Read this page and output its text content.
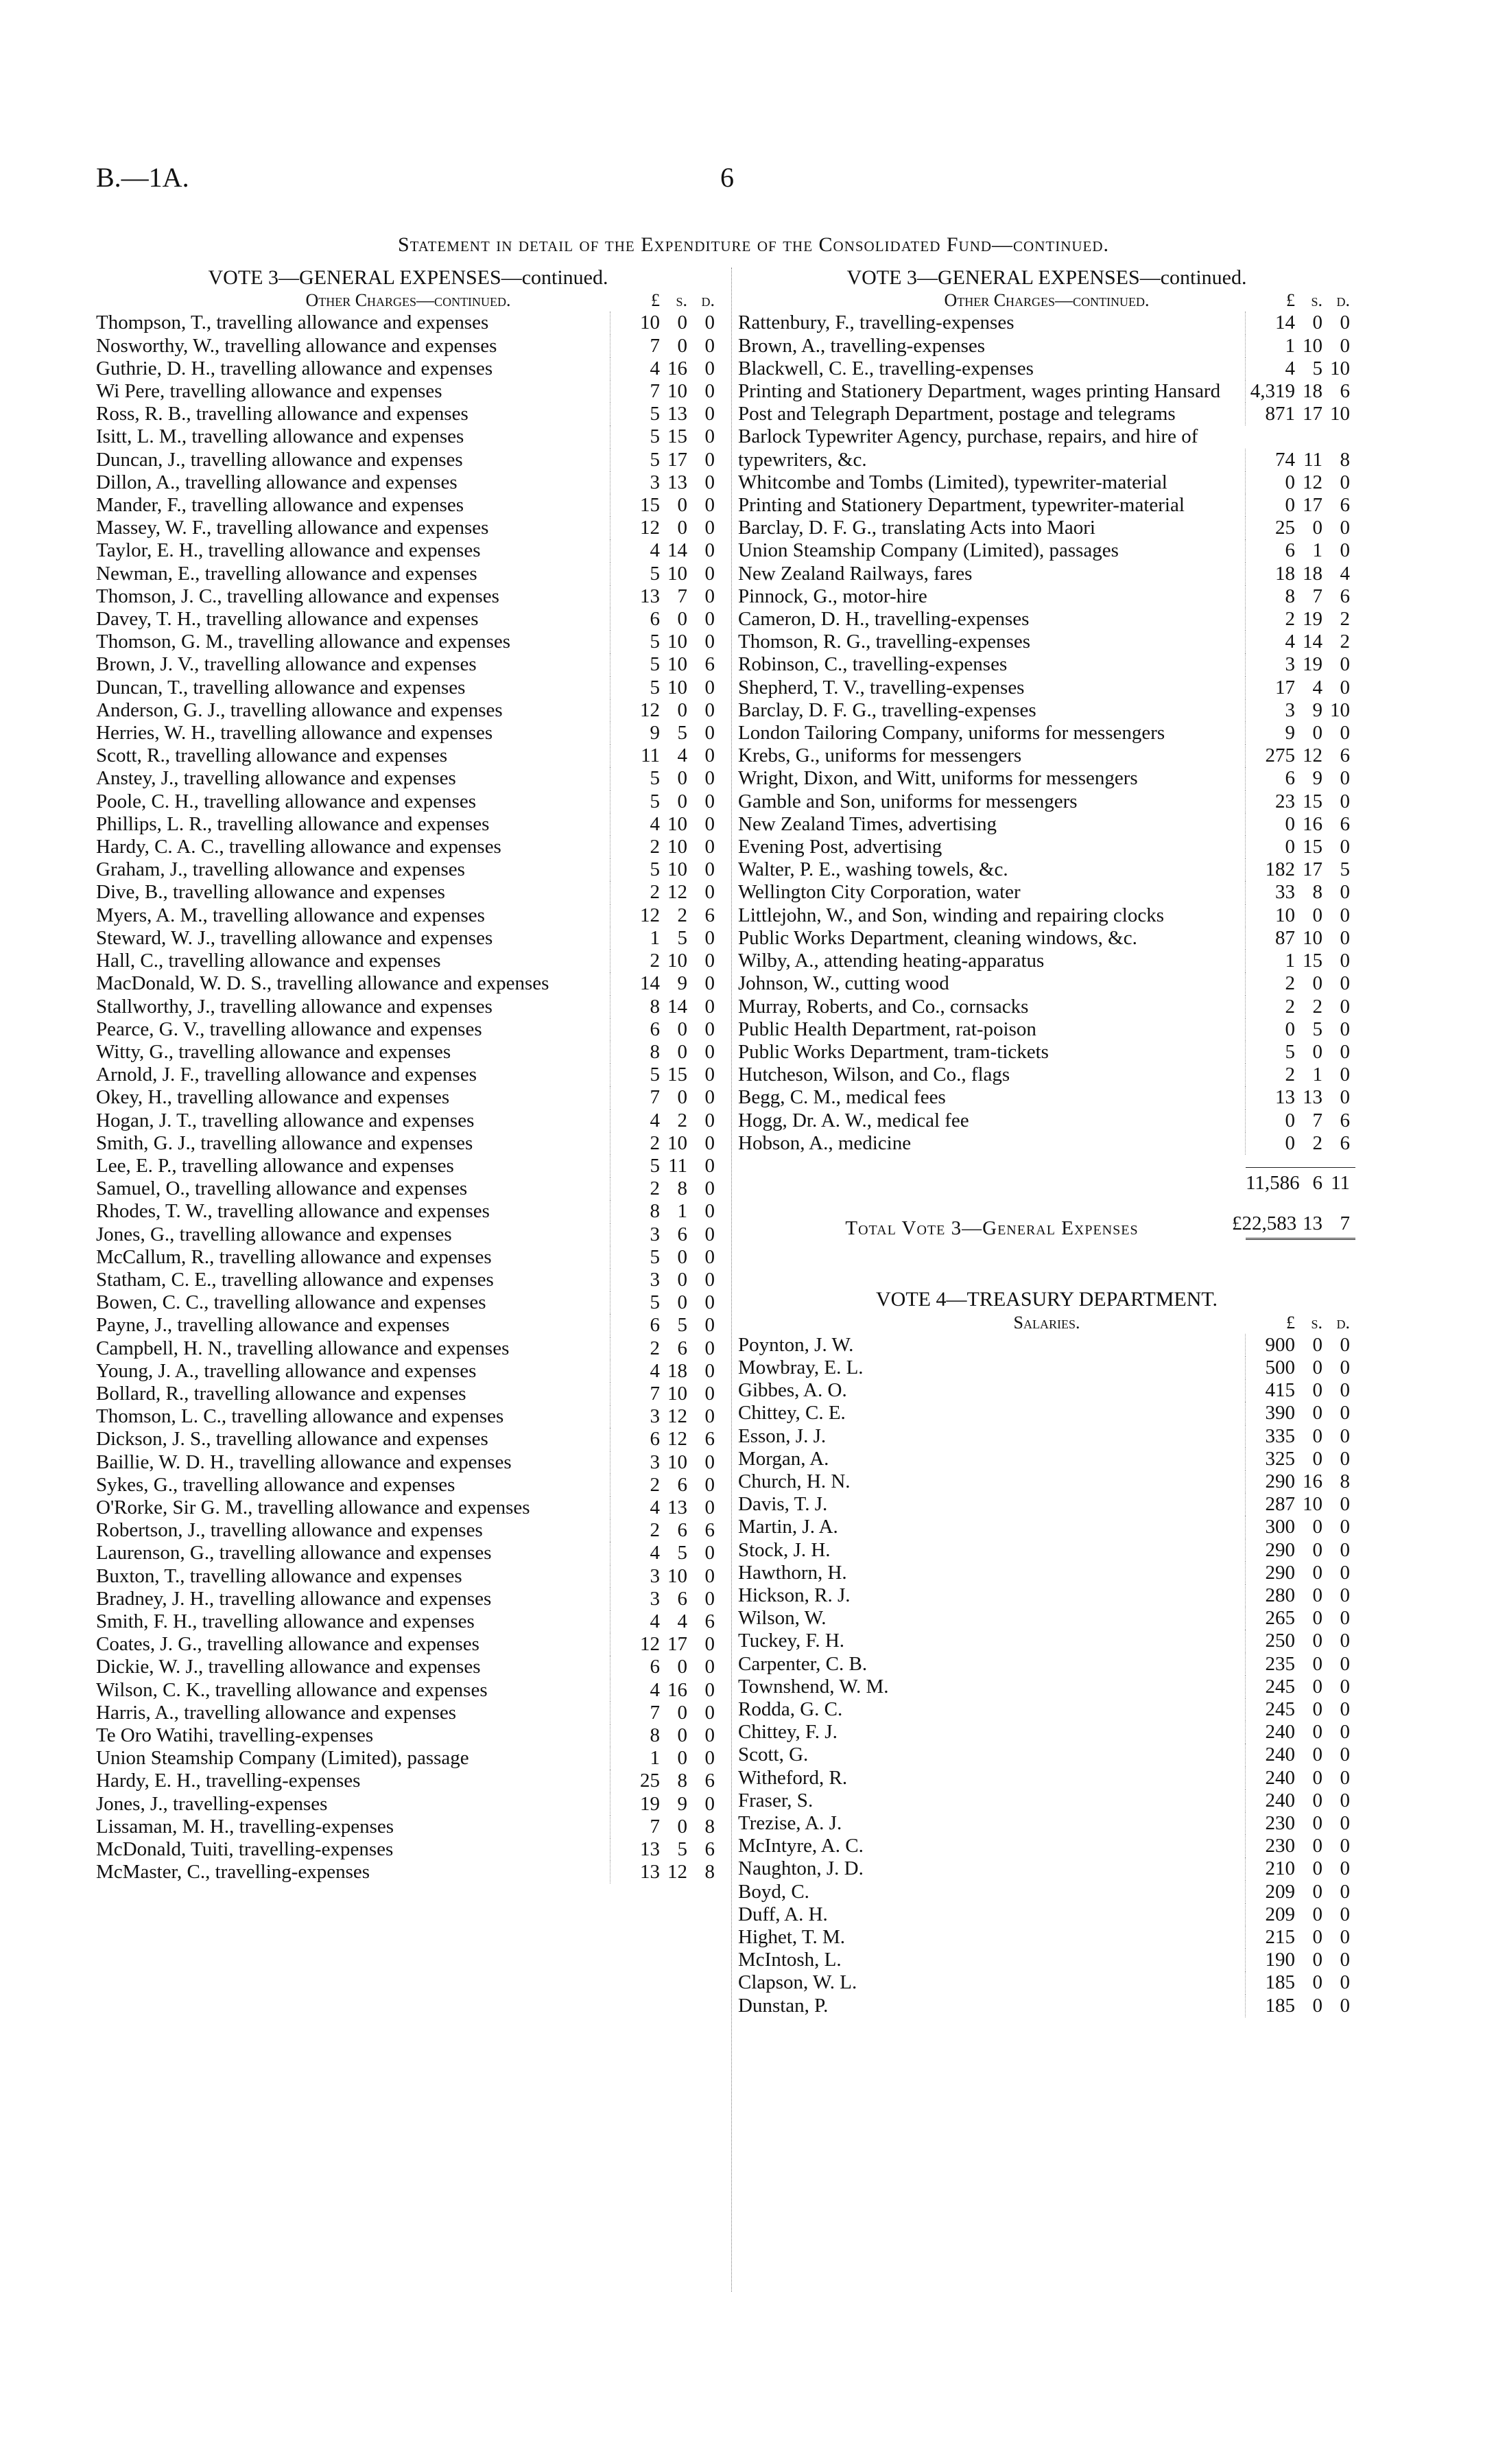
B.—1A.	6
Statement in detail of the Expenditure of the Consolidated Fund—continued.
VOTE 3—GENERAL EXPENSES—continued.
Other Charges—continued.	£ s. d.
Thompson, T., travelling allowance and expenses	10 0 0
Nosworthy, W., travelling allowance and expenses	7 0 0
Guthrie, D. H., travelling allowance and expenses	4 16 0
Wi Pere, travelling allowance and expenses	7 10 0
Ross, R. B., travelling allowance and expenses	5 13 0
Isitt, L. M., travelling allowance and expenses	5 15 0
Duncan, J., travelling allowance and expenses	5 17 0
Dillon, A., travelling allowance and expenses	3 13 0
Mander, F., travelling allowance and expenses	15 0 0
Massey, W. F., travelling allowance and expenses	12 0 0
Taylor, E. H., travelling allowance and expenses	4 14 0
Newman, E., travelling allowance and expenses	5 10 0
Thomson, J. C., travelling allowance and expenses	13 7 0
Davey, T. H., travelling allowance and expenses	6 0 0
Thomson, G. M., travelling allowance and expenses	5 10 0
Brown, J. V., travelling allowance and expenses	5 10 6
Duncan, T., travelling allowance and expenses	5 10 0
Anderson, G. J., travelling allowance and expenses	12 0 0
Herries, W. H., travelling allowance and expenses	9 5 0
Scott, R., travelling allowance and expenses	11 4 0
Anstey, J., travelling allowance and expenses	5 0 0
Poole, C. H., travelling allowance and expenses	5 0 0
Phillips, L. R., travelling allowance and expenses	4 10 0
Hardy, C. A. C., travelling allowance and expenses	2 10 0
Graham, J., travelling allowance and expenses	5 10 0
Dive, B., travelling allowance and expenses	2 12 0
Myers, A. M., travelling allowance and expenses	12 2 6
Steward, W. J., travelling allowance and expenses	1 5 0
Hall, C., travelling allowance and expenses	2 10 0
MacDonald, W. D. S., travelling allowance and expenses	14 9 0
Stallworthy, J., travelling allowance and expenses	8 14 0
Pearce, G. V., travelling allowance and expenses	6 0 0
Witty, G., travelling allowance and expenses	8 0 0
Arnold, J. F., travelling allowance and expenses	5 15 0
Okey, H., travelling allowance and expenses	7 0 0
Hogan, J. T., travelling allowance and expenses	4 2 0
Smith, G. J., travelling allowance and expenses	2 10 0
Lee, E. P., travelling allowance and expenses	5 11 0
Samuel, O., travelling allowance and expenses	2 8 0
Rhodes, T. W., travelling allowance and expenses	8 1 0
Jones, G., travelling allowance and expenses	3 6 0
McCallum, R., travelling allowance and expenses	5 0 0
Statham, C. E., travelling allowance and expenses	3 0 0
Bowen, C. C., travelling allowance and expenses	5 0 0
Payne, J., travelling allowance and expenses	6 5 0
Campbell, H. N., travelling allowance and expenses	2 6 0
Young, J. A., travelling allowance and expenses	4 18 0
Bollard, R., travelling allowance and expenses	7 10 0
Thomson, L. C., travelling allowance and expenses	3 12 0
Dickson, J. S., travelling allowance and expenses	6 12 6
Baillie, W. D. H., travelling allowance and expenses	3 10 0
Sykes, G., travelling allowance and expenses	2 6 0
O'Rorke, Sir G. M., travelling allowance and expenses	4 13 0
Robertson, J., travelling allowance and expenses	2 6 6
Laurenson, G., travelling allowance and expenses	4 5 0
Buxton, T., travelling allowance and expenses	3 10 0
Bradney, J. H., travelling allowance and expenses	3 6 0
Smith, F. H., travelling allowance and expenses	4 4 6
Coates, J. G., travelling allowance and expenses	12 17 0
Dickie, W. J., travelling allowance and expenses	6 0 0
Wilson, C. K., travelling allowance and expenses	4 16 0
Harris, A., travelling allowance and expenses	7 0 0
Te Oro Watihi, travelling-expenses	8 0 0
Union Steamship Company (Limited), passage	1 0 0
Hardy, E. H., travelling-expenses	25 8 6
Jones, J., travelling-expenses	19 9 0
Lissaman, M. H., travelling-expenses	7 0 8
McDonald, Tuiti, travelling-expenses	13 5 6
McMaster, C., travelling-expenses	13 12 8
VOTE 3—GENERAL EXPENSES—continued.
Other Charges—continued.	£ s. d.
Rattenbury, F., travelling-expenses	14 0 0
Brown, A., travelling-expenses	1 10 0
Blackwell, C. E., travelling-expenses	4 5 10
Printing and Stationery Department, wages printing Hansard	4,319 18 6
Post and Telegraph Department, postage and telegrams	871 17 10
Barlock Typewriter Agency, purchase, repairs, and hire of typewriters, &c.	74 11 8
Whitcombe and Tombs (Limited), typewriter-material	0 12 0
Printing and Stationery Department, typewriter-material	0 17 6
Barclay, D. F. G., translating Acts into Maori	25 0 0
Union Steamship Company (Limited), passages	6 1 0
New Zealand Railways, fares	18 18 4
Pinnock, G., motor-hire	8 7 6
Cameron, D. H., travelling-expenses	2 19 2
Thomson, R. G., travelling-expenses	4 14 2
Robinson, C., travelling-expenses	3 19 0
Shepherd, T. V., travelling-expenses	17 4 0
Barclay, D. F. G., travelling-expenses	3 9 10
London Tailoring Company, uniforms for messengers	9 0 0
Krebs, G., uniforms for messengers	275 12 6
Wright, Dixon, and Witt, uniforms for messengers	6 9 0
Gamble and Son, uniforms for messengers	23 15 0
New Zealand Times, advertising	0 16 6
Evening Post, advertising	0 15 0
Walter, P. E., washing towels, &c.	182 17 5
Wellington City Corporation, water	33 8 0
Littlejohn, W., and Son, winding and repairing clocks	10 0 0
Public Works Department, cleaning windows, &c.	87 10 0
Wilby, A., attending heating-apparatus	1 15 0
Johnson, W., cutting wood	2 0 0
Murray, Roberts, and Co., cornsacks	2 2 0
Public Health Department, rat-poison	0 5 0
Public Works Department, tram-tickets	5 0 0
Hutcheson, Wilson, and Co., flags	2 1 0
Begg, C. M., medical fees	13 13 0
Hogg, Dr. A. W., medical fee	0 7 6
Hobson, A., medicine	0 2 6
11,586 6 11
Total Vote 3—General Expenses	£22,583 13 7
VOTE 4—TREASURY DEPARTMENT.
Salaries.	£ s. d.
Poynton, J. W.	900 0 0
Mowbray, E. L.	500 0 0
Gibbes, A. O.	415 0 0
Chittey, C. E.	390 0 0
Esson, J. J.	335 0 0
Morgan, A.	325 0 0
Church, H. N.	290 16 8
Davis, T. J.	287 10 0
Martin, J. A.	300 0 0
Stock, J. H.	290 0 0
Hawthorn, H.	290 0 0
Hickson, R. J.	280 0 0
Wilson, W.	265 0 0
Tuckey, F. H.	250 0 0
Carpenter, C. B.	235 0 0
Townshend, W. M.	245 0 0
Rodda, G. C.	245 0 0
Chittey, F. J.	240 0 0
Scott, G.	240 0 0
Witheford, R.	240 0 0
Fraser, S.	240 0 0
Trezise, A. J.	230 0 0
McIntyre, A. C.	230 0 0
Naughton, J. D.	210 0 0
Boyd, C.	209 0 0
Duff, A. H.	209 0 0
Highet, T. M.	215 0 0
McIntosh, L.	190 0 0
Clapson, W. L.	185 0 0
Dunstan, P.	185 0 0
